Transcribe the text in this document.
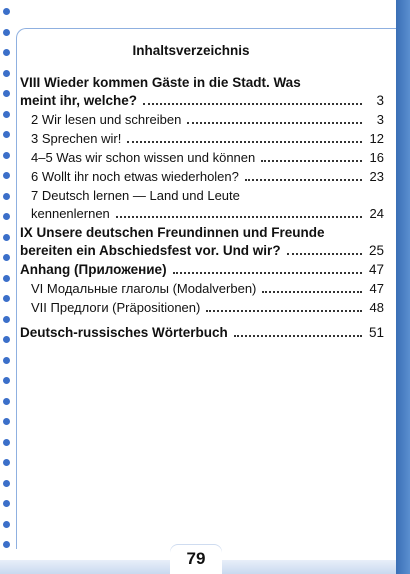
Inhaltsverzeichnis
VIII Wieder kommen Gäste in die Stadt. Was
meint ihr, welche?	3
2 Wir lesen und schreiben	3
3 Sprechen wir!	12
4–5 Was wir schon wissen und können	16
6 Wollt ihr noch etwas wiederholen?	23
7 Deutsch lernen — Land und Leute
kennenlernen	24
IX Unsere deutschen Freundinnen und Freunde
bereiten ein Abschiedsfest vor. Und wir?	25
Anhang (Приложение)	47
VI Модальные глаголы (Modalverben)	47
VII Предлоги (Präpositionen)	48
Deutsch-russisches Wörterbuch	51
79
